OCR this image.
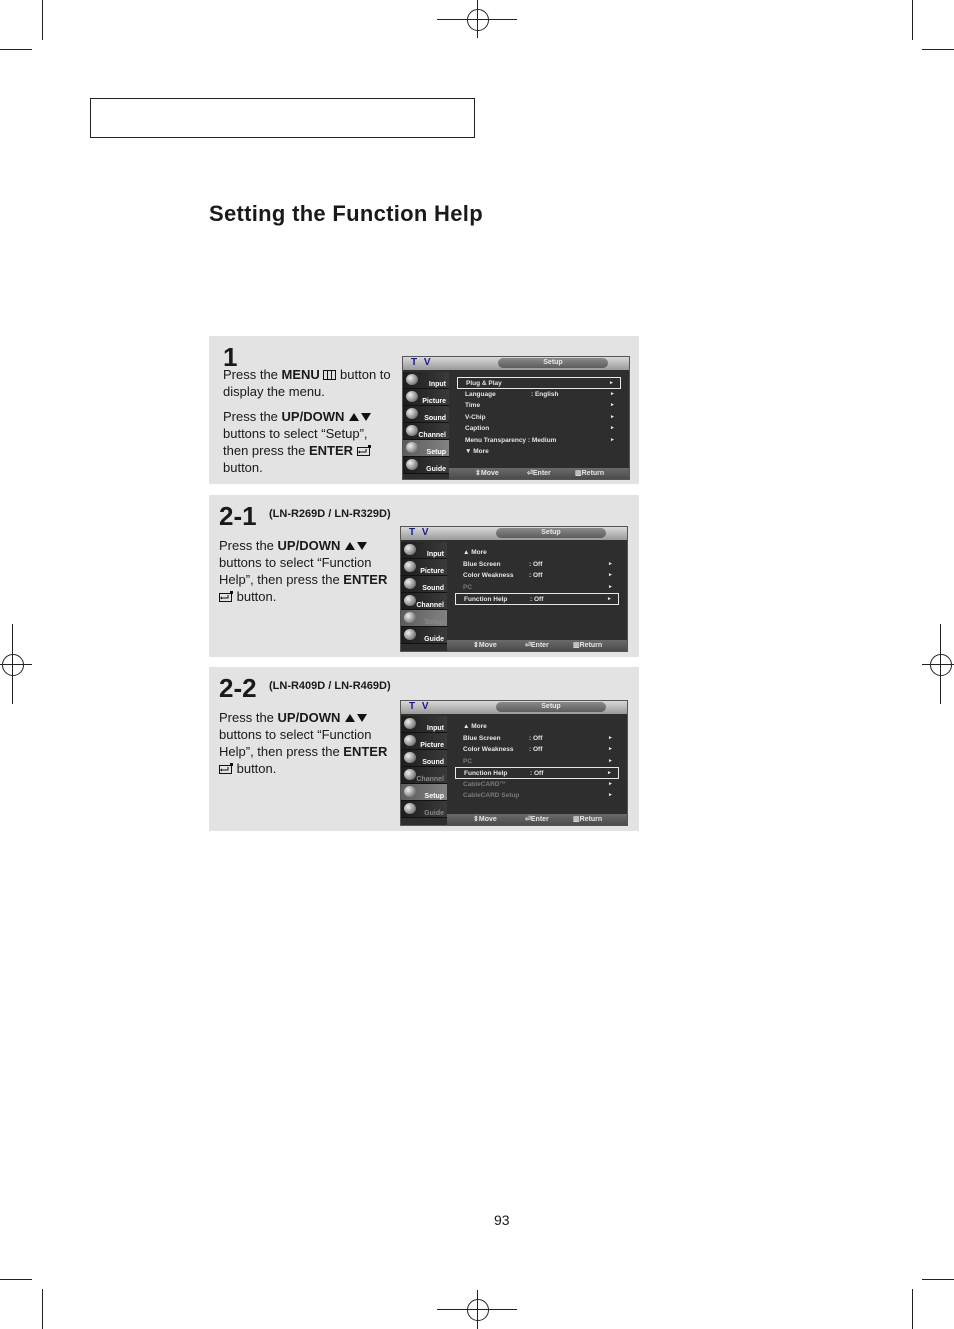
Setting the Function Help
1

Press the MENU  button to display the menu.

Press the UP/DOWN  buttons to select “Setup”, then press the ENTER  button.

T V	Setup
Input
Picture
Sound
Channel
Setup
Guide
Plug & Play	►
Language	: English	►
Time	►
V-Chip	►
Caption	►
Menu Transparency : Medium	►
▼ More
⇕ Move	⏎ Enter	▥ Return
2-1 (LN-R269D / LN-R329D)

Press the UP/DOWN  buttons to select “Function Help”, then press the ENTER  button.

T V	Setup
Input
Picture
Sound
Channel
Setup
Guide
▲ More
Blue Screen	: Off	►
Color Weakness : Off	►
PC	►
Function Help	: Off	►
⇕ Move	⏎ Enter	▥ Return
2-2 (LN-R409D / LN-R469D)

Press the UP/DOWN  buttons to select “Function Help”, then press the ENTER  button.

T V	Setup
Input
Picture
Sound
Channel
Setup
Guide
▲ More
Blue Screen	: Off	►
Color Weakness : Off	►
PC	►
Function Help	: Off	►
CableCARD™	►
CableCARD Setup	►
⇕ Move	⏎ Enter	▥ Return
93
